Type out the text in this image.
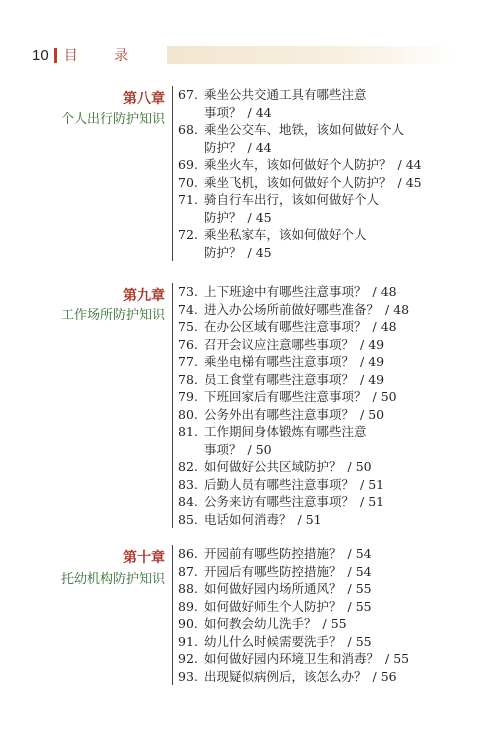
10 目 录
第八章
个人出行防护知识
67. 乘坐公共交通工具有哪些注意
事项？ / 44
68. 乘坐公交车、地铁，该如何做好个人
防护？ / 44
69. 乘坐火车，该如何做好个人防护？ / 44
70. 乘坐飞机，该如何做好个人防护？ / 45
71. 骑自行车出行，该如何做好个人
防护？ / 45
72. 乘坐私家车，该如何做好个人
防护？ / 45
第九章
工作场所防护知识
73. 上下班途中有哪些注意事项？ / 48
74. 进入办公场所前做好哪些准备？ / 48
75. 在办公区域有哪些注意事项？ / 48
76. 召开会议应注意哪些事项？ / 49
77. 乘坐电梯有哪些注意事项？ / 49
78. 员工食堂有哪些注意事项？ / 49
79. 下班回家后有哪些注意事项？ / 50
80. 公务外出有哪些注意事项？ / 50
81. 工作期间身体锻炼有哪些注意
事项？ / 50
82. 如何做好公共区域防护？ / 50
83. 后勤人员有哪些注意事项？ / 51
84. 公务来访有哪些注意事项？ / 51
85. 电话如何消毒？ / 51
第十章
托幼机构防护知识
86. 开园前有哪些防控措施？ / 54
87. 开园后有哪些防控措施？ / 54
88. 如何做好园内场所通风？ / 55
89. 如何做好师生个人防护？ / 55
90. 如何教会幼儿洗手？ / 55
91. 幼儿什么时候需要洗手？ / 55
92. 如何做好园内环境卫生和消毒？ / 55
93. 出现疑似病例后，该怎么办？ / 56
